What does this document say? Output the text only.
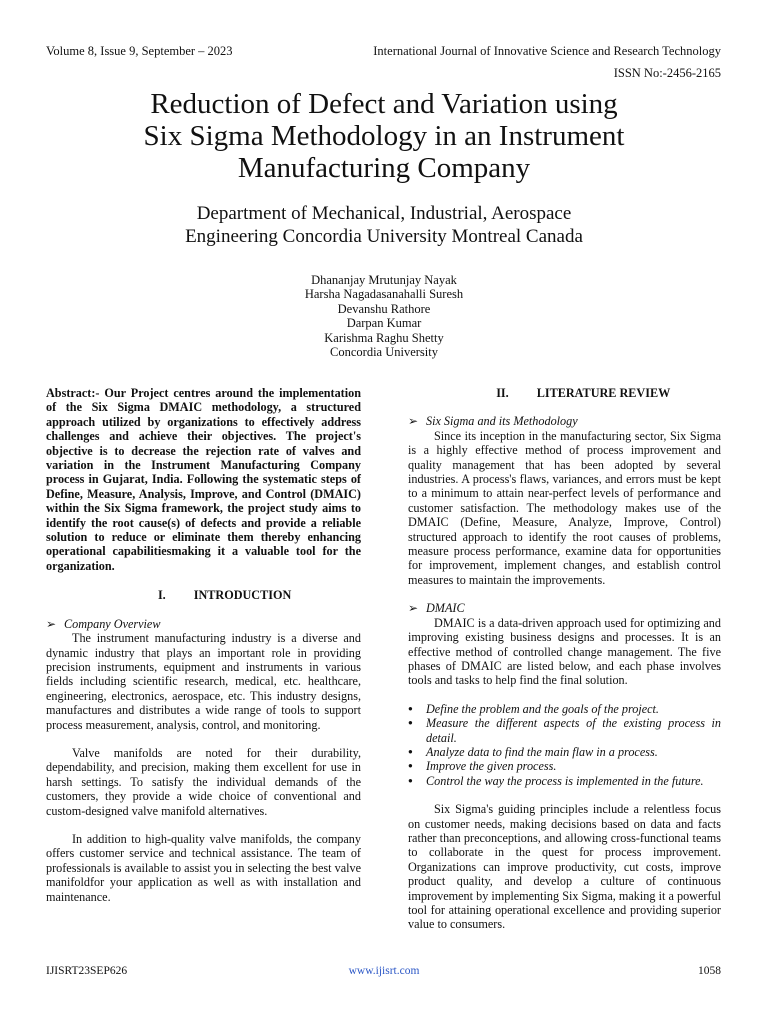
Volume 8, Issue 9, September – 2023	International Journal of Innovative Science and Research Technology
ISSN No:-2456-2165
Reduction of Defect and Variation using
Six Sigma Methodology in an Instrument
Manufacturing Company
Department of Mechanical, Industrial, Aerospace
Engineering Concordia University Montreal Canada
Dhananjay Mrutunjay Nayak
Harsha Nagadasanahalli Suresh
Devanshu Rathore
Darpan Kumar
Karishma Raghu Shetty
Concordia University

Abstract:- Our Project centres around the implementation of the Six Sigma DMAIC methodology, a structured approach utilized by organizations to effectively address challenges and achieve their objectives. The project's objective is to decrease the rejection rate of valves and variation in the Instrument Manufacturing Company process in Gujarat, India. Following the systematic steps of Define, Measure, Analysis, Improve, and Control (DMAIC) within the Six Sigma framework, the project study aims to identify the root cause(s) of defects and provide a reliable solution to reduce or eliminate them thereby enhancing operational capabilitiesmaking it a valuable tool for the organization.

I. INTRODUCTION

➢ Company Overview

The instrument manufacturing industry is a diverse and dynamic industry that plays an important role in providing precision instruments, equipment and instruments in various fields including scientific research, medical, etc. healthcare, engineering, electronics, aerospace, etc. This industry designs, manufactures and distributes a wide range of tools to support process measurement, analysis, control, and monitoring.

Valve manifolds are noted for their durability, dependability, and precision, making them excellent for use in harsh settings. To satisfy the individual demands of the customers, they provide a wide choice of conventional and custom-designed valve manifold alternatives.

In addition to high-quality valve manifolds, the company offers customer service and technical assistance. The team of professionals is available to assist you in selecting the best valve manifoldfor your application as well as with installation and maintenance.

II. LITERATURE REVIEW

➢ Six Sigma and its Methodology

Since its inception in the manufacturing sector, Six Sigma is a highly effective method of process improvement and quality management that has been adopted by several industries. A process's flaws, variances, and errors must be kept to a minimum to attain near-perfect levels of performance and customer satisfaction. The methodology makes use of the DMAIC (Define, Measure, Analyze, Improve, Control) structured approach to identify the root causes of problems, measure process performance, examine data for opportunities for improvement, implement changes, and establish control measures to maintain the improvements.

➢ DMAIC

DMAIC is a data-driven approach used for optimizing and improving existing business designs and processes. It is an effective method of controlled change management. The five phases of DMAIC are listed below, and each phase involves tools and tasks to help find the final solution.

● Define the problem and the goals of the project.
● Measure the different aspects of the existing process in detail.
● Analyze data to find the main flaw in a process.
● Improve the given process.
● Control the way the process is implemented in the future.

Six Sigma's guiding principles include a relentless focus on customer needs, making decisions based on data and facts rather than preconceptions, and allowing cross-functional teams to collaborate in the quest for process improvement. Organizations can improve productivity, cut costs, improve product quality, and develop a culture of continuous improvement by implementing Six Sigma, making it a powerful tool for attaining operational excellence and providing superior value to consumers.

IJISRT23SEP626	www.ijisrt.com	1058
